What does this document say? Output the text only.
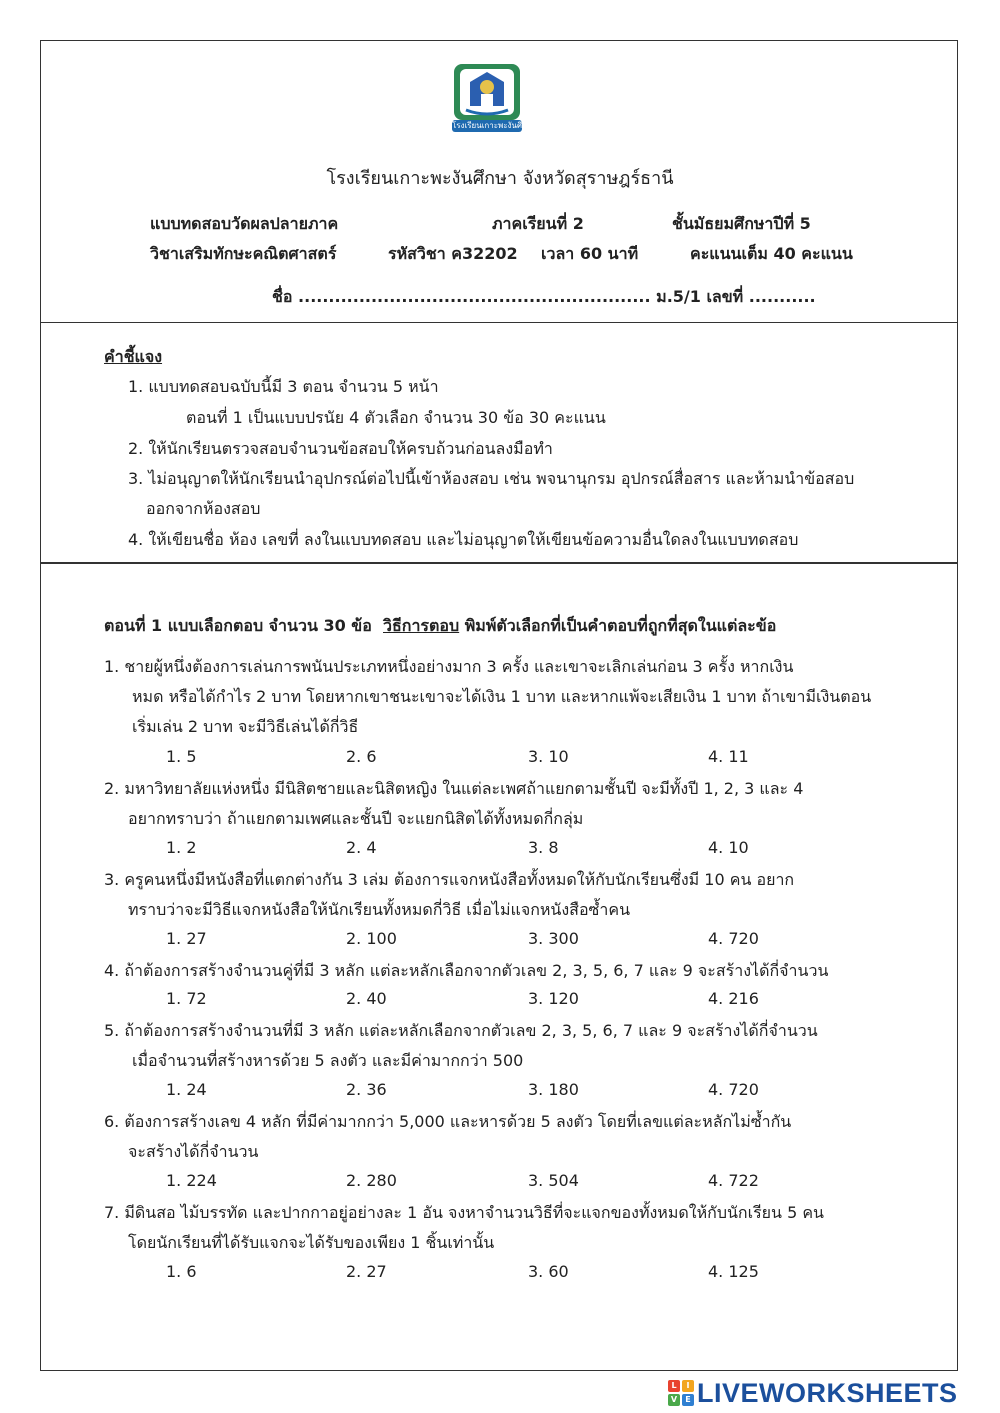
โรงเรียนเกาะพะงันศึกษา
โรงเรียนเกาะพะงันศึกษา จังหวัดสุราษฎร์ธานี
แบบทดสอบวัดผลปลายภาค	ภาคเรียนที่ 2	ชั้นมัธยมศึกษาปีที่ 5
วิชาเสริมทักษะคณิตศาสตร์	รหัสวิชา ค32202 เวลา 60 นาที	คะแนนเต็ม 40 คะแนน
ชื่อ .......................................................... ม.5/1 เลขที่ ...........
คำชี้แจง
1. แบบทดสอบฉบับนี้มี 3 ตอน จำนวน 5 หน้า
ตอนที่ 1 เป็นแบบปรนัย 4 ตัวเลือก จำนวน 30 ข้อ 30 คะแนน
2. ให้นักเรียนตรวจสอบจำนวนข้อสอบให้ครบถ้วนก่อนลงมือทำ
3. ไม่อนุญาตให้นักเรียนนำอุปกรณ์ต่อไปนี้เข้าห้องสอบ เช่น พจนานุกรม อุปกรณ์สื่อสาร และห้ามนำข้อสอบ
ออกจากห้องสอบ
4. ให้เขียนชื่อ ห้อง เลขที่ ลงในแบบทดสอบ และไม่อนุญาตให้เขียนข้อความอื่นใดลงในแบบทดสอบ
ตอนที่ 1 แบบเลือกตอบ จำนวน 30 ข้อ วิธีการตอบ พิมพ์ตัวเลือกที่เป็นคำตอบที่ถูกที่สุดในแต่ละข้อ
1. ชายผู้หนึ่งต้องการเล่นการพนันประเภทหนึ่งอย่างมาก 3 ครั้ง และเขาจะเลิกเล่นก่อน 3 ครั้ง หากเงิน
หมด หรือได้กำไร 2 บาท โดยหากเขาชนะเขาจะได้เงิน 1 บาท และหากแพ้จะเสียเงิน 1 บาท ถ้าเขามีเงินตอน
เริ่มเล่น 2 บาท จะมีวิธีเล่นได้กี่วิธี
1. 5	2. 6	3. 10	4. 11
2. มหาวิทยาลัยแห่งหนึ่ง มีนิสิตชายและนิสิตหญิง ในแต่ละเพศถ้าแยกตามชั้นปี จะมีทั้งปี 1, 2, 3 และ 4
อยากทราบว่า ถ้าแยกตามเพศและชั้นปี จะแยกนิสิตได้ทั้งหมดกี่กลุ่ม
1. 2	2. 4	3. 8	4. 10
3. ครูคนหนึ่งมีหนังสือที่แตกต่างกัน 3 เล่ม ต้องการแจกหนังสือทั้งหมดให้กับนักเรียนซึ่งมี 10 คน อยาก
ทราบว่าจะมีวิธีแจกหนังสือให้นักเรียนทั้งหมดกี่วิธี เมื่อไม่แจกหนังสือซ้ำคน
1. 27	2. 100	3. 300	4. 720
4. ถ้าต้องการสร้างจำนวนคู่ที่มี 3 หลัก แต่ละหลักเลือกจากตัวเลข 2, 3, 5, 6, 7 และ 9 จะสร้างได้กี่จำนวน
1. 72	2. 40	3. 120	4. 216
5. ถ้าต้องการสร้างจำนวนที่มี 3 หลัก แต่ละหลักเลือกจากตัวเลข 2, 3, 5, 6, 7 และ 9 จะสร้างได้กี่จำนวน
เมื่อจำนวนที่สร้างหารด้วย 5 ลงตัว และมีค่ามากกว่า 500
1. 24	2. 36	3. 180	4. 720
6. ต้องการสร้างเลข 4 หลัก ที่มีค่ามากกว่า 5,000 และหารด้วย 5 ลงตัว โดยที่เลขแต่ละหลักไม่ซ้ำกัน
จะสร้างได้กี่จำนวน
1. 224	2. 280	3. 504	4. 722
7. มีดินสอ ไม้บรรทัด และปากกาอยู่อย่างละ 1 อัน จงหาจำนวนวิธีที่จะแจกของทั้งหมดให้กับนักเรียน 5 คน
โดยนักเรียนที่ได้รับแจกจะได้รับของเพียง 1 ชิ้นเท่านั้น
1. 6	2. 27	3. 60	4. 125
L	I
V	E LIVEWORKSHEETS
